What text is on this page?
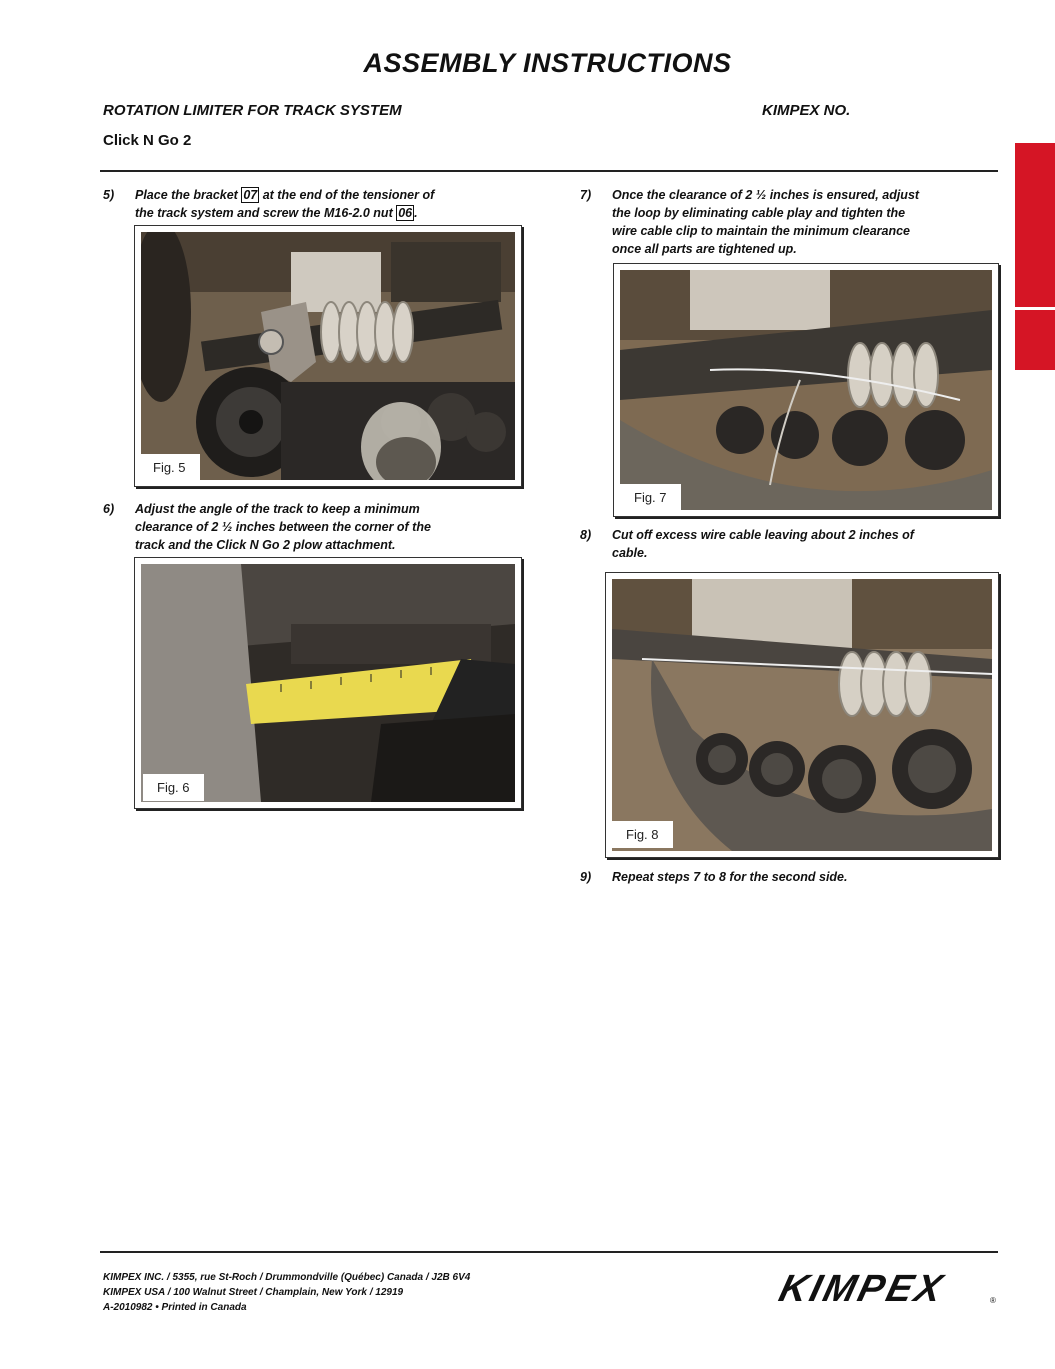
ASSEMBLY INSTRUCTIONS
ROTATION LIMITER FOR TRACK SYSTEM	KIMPEX NO.
Click N Go 2
5) Place the bracket 07 at the end of the tensioner of
the track system and screw the M16-2.0 nut 06 .
Fig. 5
6) Adjust the angle of the track to keep a minimum
clearance of 2 ½ inches between the corner of the
track and the Click N Go 2 plow attachment.
Fig. 6
7) Once the clearance of 2 ½ inches is ensured, adjust
the loop by eliminating cable play and tighten the
wire cable clip to maintain the minimum clearance
once all parts are tightened up.
Fig. 7
8) Cut off excess wire cable leaving about 2 inches of
cable.
Fig. 8
9) Repeat steps 7 to 8 for the second side.
KIMPEX INC. / 5355, rue St-Roch / Drummondville (Québec) Canada / J2B 6V4
KIMPEX USA / 100 Walnut Street / Champlain, New York / 12919
A-2010982 • Printed in Canada	KIMPEX	®
